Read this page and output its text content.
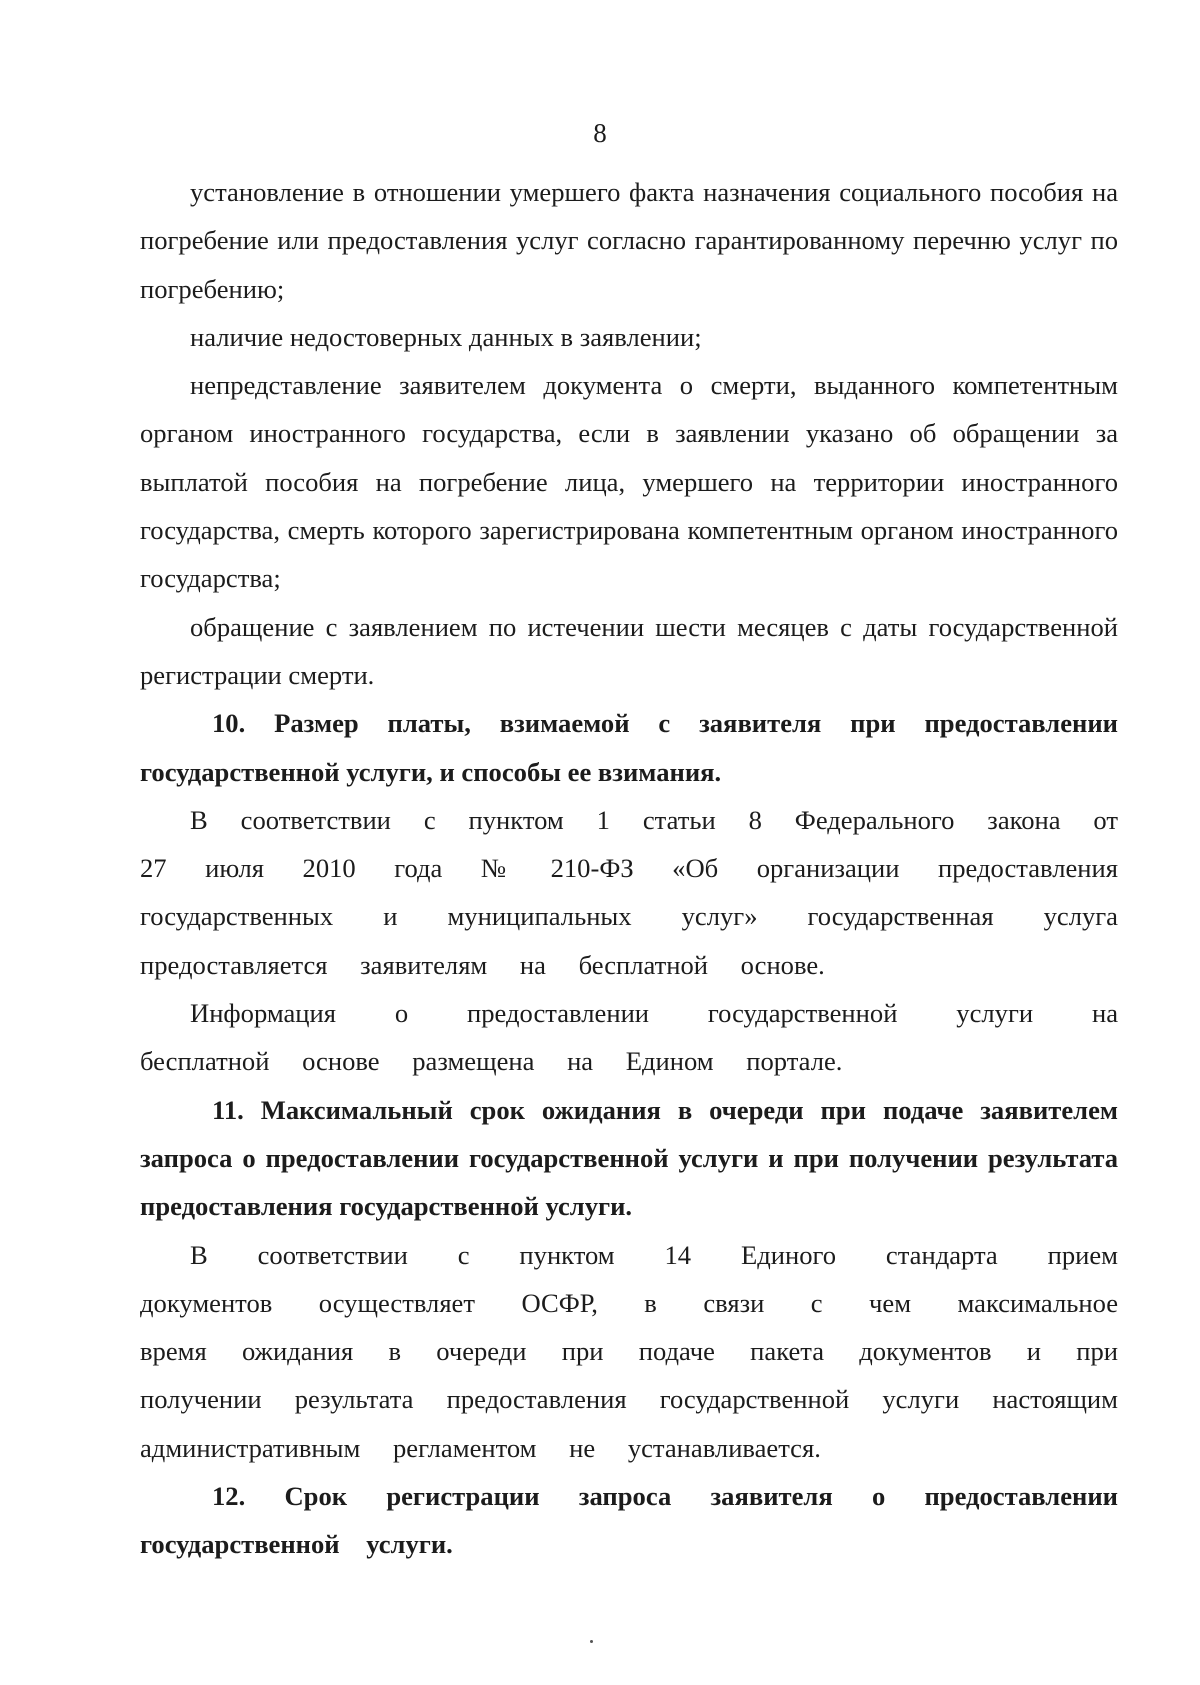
8

установление в отношении умершего факта назначения социального пособия на погребение или предоставления услуг согласно гарантированному перечню услуг по погребению;

наличие недостоверных данных в заявлении;

непредставление заявителем документа о смерти, выданного компетентным органом иностранного государства, если в заявлении указано об обращении за выплатой пособия на погребение лица, умершего на территории иностранного государства, смерть которого зарегистрирована компетентным органом иностранного государства;

обращение с заявлением по истечении шести месяцев с даты государственной регистрации смерти.

10. Размер платы, взимаемой с заявителя при предоставлении государственной услуги, и способы ее взимания.

В соответствии с пунктом 1 статьи 8 Федерального закона от 27 июля 2010 года № 210-ФЗ «Об организации предоставления государственных и муниципальных услуг» государственная услуга предоставляется заявителям на бесплатной основе.

Информация о предоставлении государственной услуги на бесплатной основе размещена на Едином портале.

11. Максимальный срок ожидания в очереди при подаче заявителем запроса о предоставлении государственной услуги и при получении результата предоставления государственной услуги.

В соответствии с пунктом 14 Единого стандарта прием документов осуществляет ОСФР, в связи с чем максимальное время ожидания в очереди при подаче пакета документов и при получении результата предоставления государственной услуги настоящим административным регламентом не устанавливается.

12. Срок регистрации запроса заявителя о предоставлении государственной услуги.
